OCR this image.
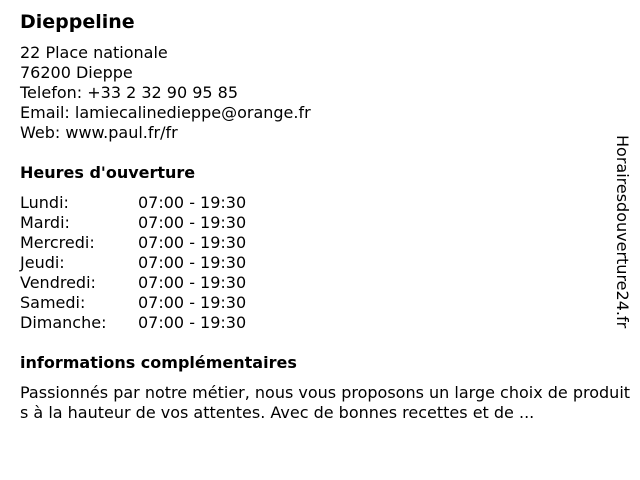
Dieppeline
22 Place nationale
76200 Dieppe
Telefon: +33 2 32 90 95 85
Email: lamiecalinedieppe@orange.fr
Web: www.paul.fr/fr
Heures d'ouverture
Lundi:	07:00 - 19:30
Mardi:	07:00 - 19:30
Mercredi:	07:00 - 19:30
Jeudi:	07:00 - 19:30
Vendredi:	07:00 - 19:30
Samedi:	07:00 - 19:30
Dimanche:	07:00 - 19:30
informations complémentaires
Passionnés par notre métier, nous vous proposons un large choix de produits à la hauteur de vos attentes. Avec de bonnes recettes et de ...
Horairesdouverture24.fr
